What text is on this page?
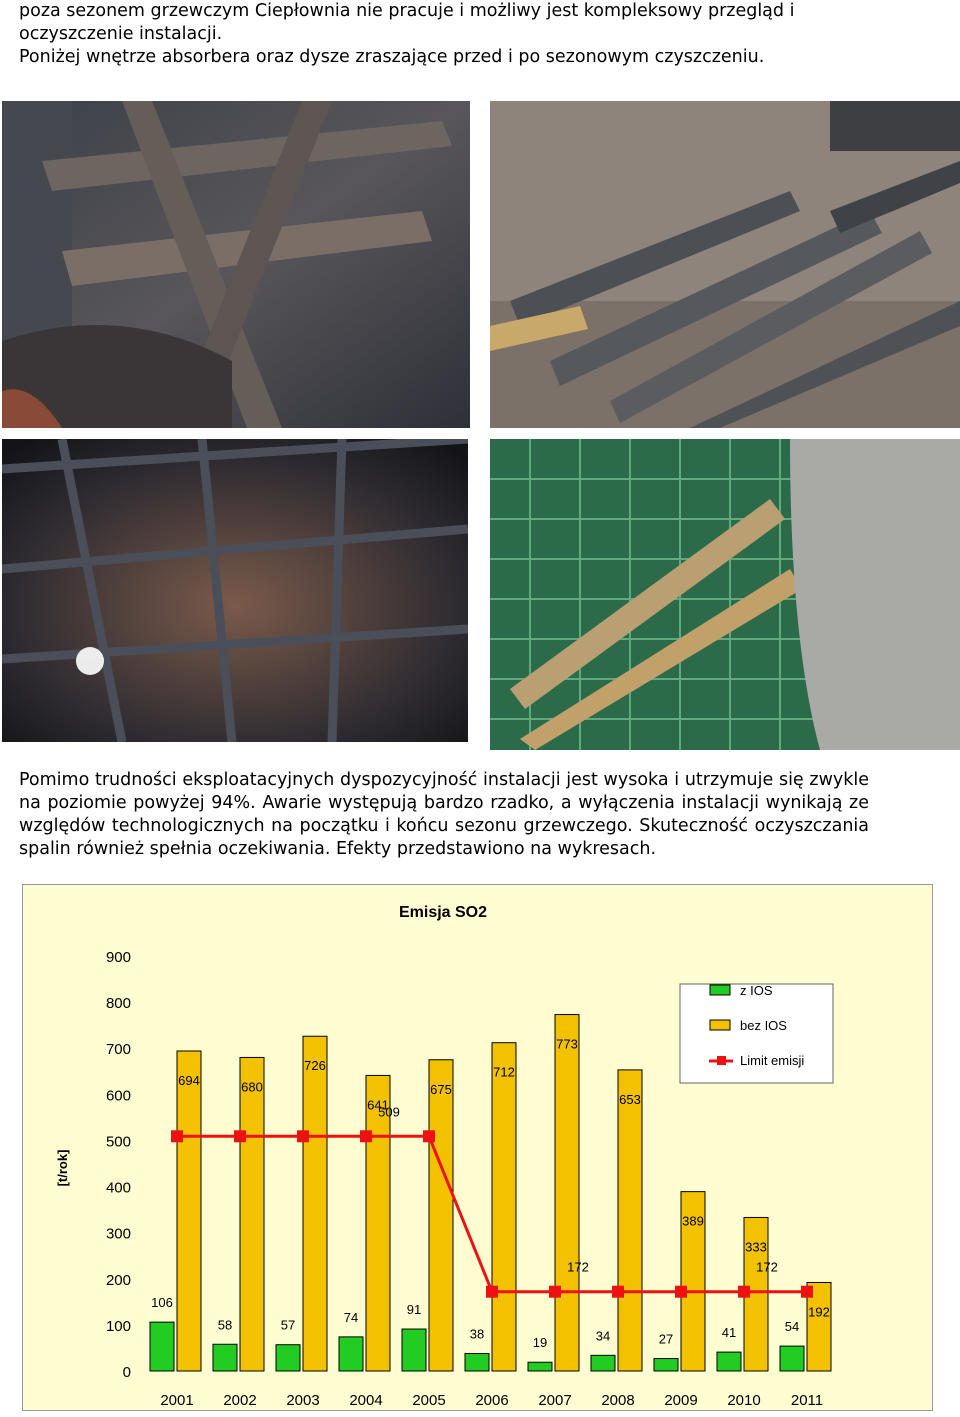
poza sezonem grzewczym Ciepłownia nie pracuje i możliwy jest kompleksowy przegląd i oczyszczenie instalacji.
Poniżej wnętrze absorbera oraz dysze zraszające przed i po sezonowym czyszczeniu.

Pomimo trudności eksploatacyjnych dyspozycyjność instalacji jest wysoka i utrzymuje się zwykle na poziomie powyżej 94%. Awarie występują bardzo rzadko, a wyłączenia instalacji wynikają ze względów technologicznych na początku i końcu sezonu grzewczego. Skuteczność oczyszczania spalin również spełnia oczekiwania. Efekty przedstawiono na wykresach.

Emisja SO2
[t/rok]
0
100
200
300
400
500
600
700
800
900
106
694
58
680
57
726
74
641
91
675
38
712
19
773
34
653
27
389
41
333
54
192
509
172	172
2001 2002 2003 2004 2005 2006 2007 2008 2009 2010 2011
z IOS
bez IOS
Limit emisji
